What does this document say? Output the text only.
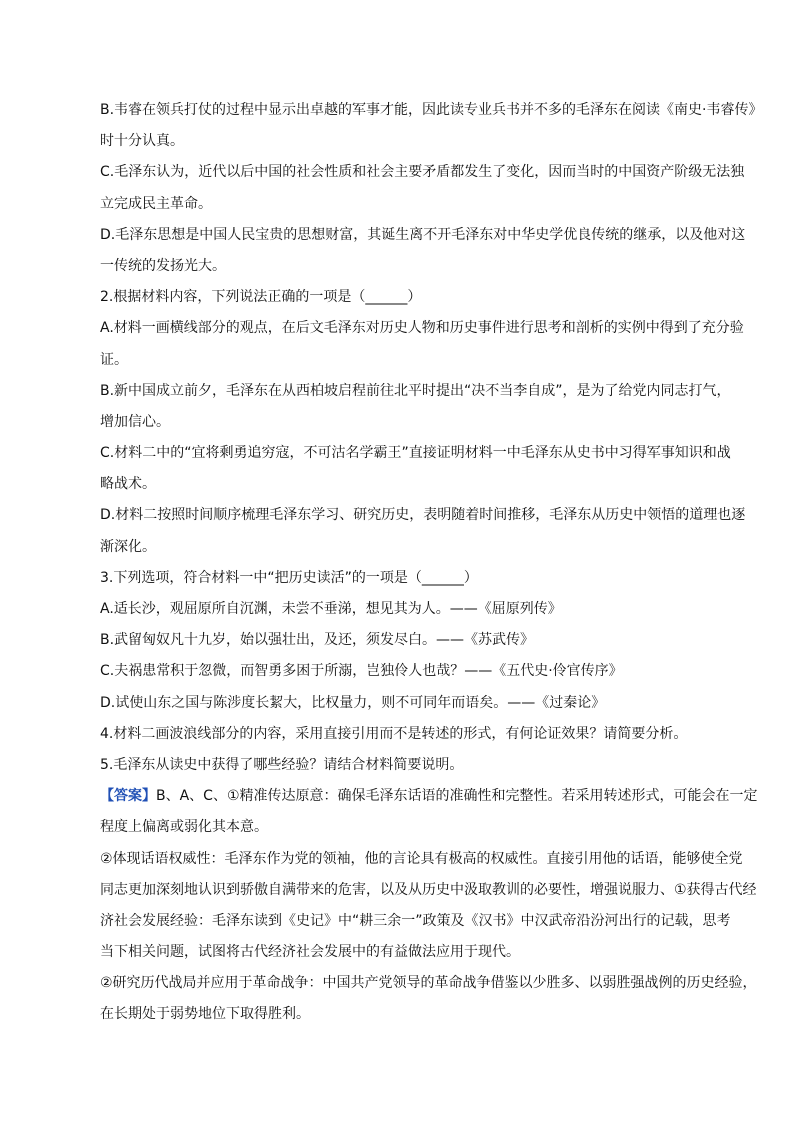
B.韦睿在领兵打仗的过程中显示出卓越的军事才能，因此读专业兵书并不多的毛泽东在阅读《南史·韦睿传》
时十分认真。
C.毛泽东认为，近代以后中国的社会性质和社会主要矛盾都发生了变化，因而当时的中国资产阶级无法独
立完成民主革命。
D.毛泽东思想是中国人民宝贵的思想财富，其诞生离不开毛泽东对中华史学优良传统的继承，以及他对这
一传统的发扬光大。
2.根据材料内容，下列说法正确的一项是（______）
A.材料一画横线部分的观点，在后文毛泽东对历史人物和历史事件进行思考和剖析的实例中得到了充分验
证。
B.新中国成立前夕，毛泽东在从西柏坡启程前往北平时提出“决不当李自成”，是为了给党内同志打气，
增加信心。
C.材料二中的“宜将剩勇追穷寇，不可沽名学霸王”直接证明材料一中毛泽东从史书中习得军事知识和战
略战术。
D.材料二按照时间顺序梳理毛泽东学习、研究历史，表明随着时间推移，毛泽东从历史中领悟的道理也逐
渐深化。
3.下列选项，符合材料一中“把历史读活”的一项是（______）
A.适长沙，观屈原所自沉渊，未尝不垂涕，想见其为人。——《屈原列传》
B.武留匈奴凡十九岁，始以强壮出，及还，须发尽白。——《苏武传》
C.夫祸患常积于忽微，而智勇多困于所溺，岂独伶人也哉？——《五代史·伶官传序》
D.试使山东之国与陈涉度长絜大，比权量力，则不可同年而语矣。——《过秦论》
4.材料二画波浪线部分的内容，采用直接引用而不是转述的形式，有何论证效果？请简要分析。
5.毛泽东从读史中获得了哪些经验？请结合材料简要说明。
【答案】B、A、C、①精准传达原意：确保毛泽东话语的准确性和完整性。若采用转述形式，可能会在一定
程度上偏离或弱化其本意。
②体现话语权威性：毛泽东作为党的领袖，他的言论具有极高的权威性。直接引用他的话语，能够使全党
同志更加深刻地认识到骄傲自满带来的危害，以及从历史中汲取教训的必要性，增强说服力、①获得古代经
济社会发展经验：毛泽东读到《史记》中“耕三余一”政策及《汉书》中汉武帝沿汾河出行的记载，思考
当下相关问题，试图将古代经济社会发展中的有益做法应用于现代。
②研究历代战局并应用于革命战争：中国共产党领导的革命战争借鉴以少胜多、以弱胜强战例的历史经验，
在长期处于弱势地位下取得胜利。
